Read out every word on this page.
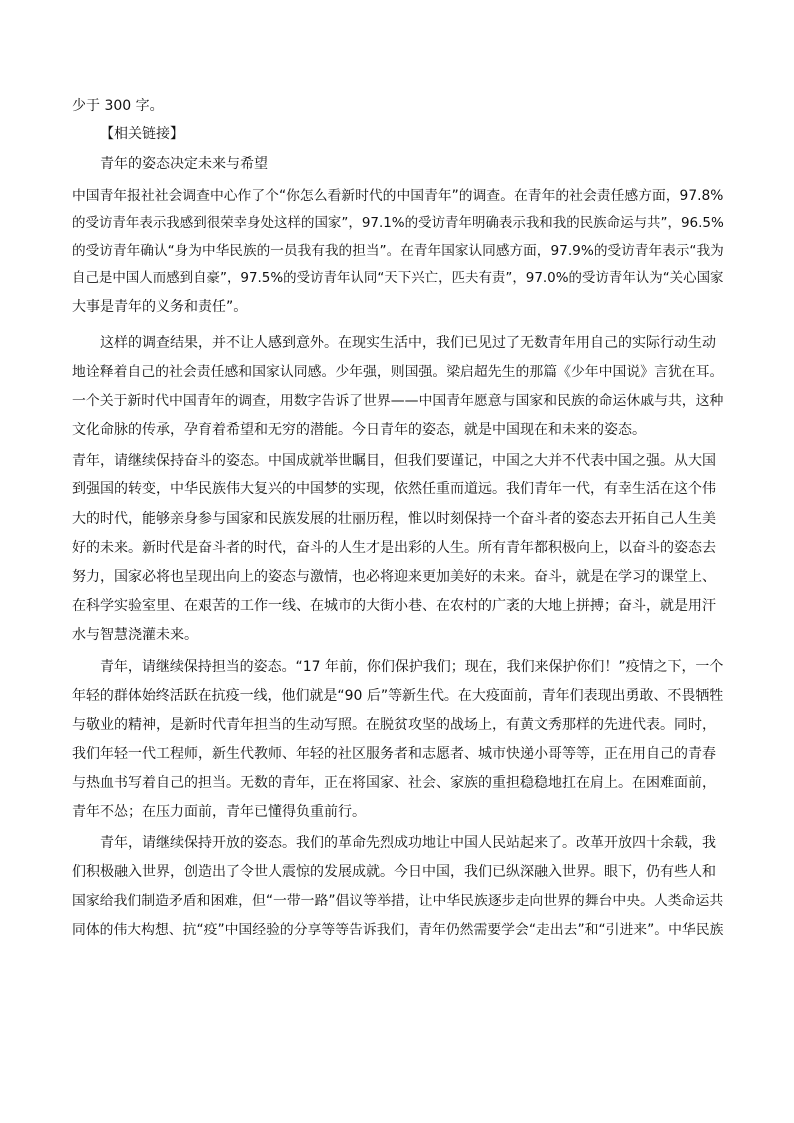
少于 300 字。
【相关链接】
青年的姿态决定未来与希望
中国青年报社社会调查中心作了个“你怎么看新时代的中国青年”的调查。在青年的社会责任感方面，97.8%
的受访青年表示我感到很荣幸身处这样的国家”，97.1%的受访青年明确表示我和我的民族命运与共”，96.5%
的受访青年确认“身为中华民族的一员我有我的担当”。在青年国家认同感方面，97.9%的受访青年表示“我为
自己是中国人而感到自豪”，97.5%的受访青年认同“天下兴亡，匹夫有责”，97.0%的受访青年认为“关心国家
大事是青年的义务和责任”。
这样的调查结果，并不让人感到意外。在现实生活中，我们已见过了无数青年用自己的实际行动生动
地诠释着自己的社会责任感和国家认同感。少年强，则国强。梁启超先生的那篇《少年中国说》言犹在耳。
一个关于新时代中国青年的调查，用数字告诉了世界——中国青年愿意与国家和民族的命运休戚与共，这种
文化命脉的传承，孕育着希望和无穷的潜能。今日青年的姿态，就是中国现在和未来的姿态。
青年，请继续保持奋斗的姿态。中国成就举世瞩目，但我们要谨记，中国之大并不代表中国之强。从大国
到强国的转变，中华民族伟大复兴的中国梦的实现，依然任重而道远。我们青年一代，有幸生活在这个伟
大的时代，能够亲身参与国家和民族发展的壮丽历程，惟以时刻保持一个奋斗者的姿态去开拓自己人生美
好的未来。新时代是奋斗者的时代，奋斗的人生才是出彩的人生。所有青年都积极向上，以奋斗的姿态去
努力，国家必将也呈现出向上的姿态与激情，也必将迎来更加美好的未来。奋斗，就是在学习的课堂上、
在科学实验室里、在艰苦的工作一线、在城市的大街小巷、在农村的广袤的大地上拼搏；奋斗，就是用汗
水与智慧浇灌未来。
青年，请继续保持担当的姿态。“17 年前，你们保护我们；现在，我们来保护你们！”疫情之下，一个
年轻的群体始终活跃在抗疫一线，他们就是“90 后”等新生代。在大疫面前，青年们表现出勇敢、不畏牺牲
与敬业的精神，是新时代青年担当的生动写照。在脱贫攻坚的战场上，有黄文秀那样的先进代表。同时，
我们年轻一代工程师，新生代教师、年轻的社区服务者和志愿者、城市快递小哥等等，正在用自己的青春
与热血书写着自己的担当。无数的青年，正在将国家、社会、家族的重担稳稳地扛在肩上。在困难面前，
青年不怂；在压力面前，青年已懂得负重前行。
青年，请继续保持开放的姿态。我们的革命先烈成功地让中国人民站起来了。改革开放四十余载，我
们积极融入世界，创造出了令世人震惊的发展成就。今日中国，我们已纵深融入世界。眼下，仍有些人和
国家给我们制造矛盾和困难，但“一带一路”倡议等举措，让中华民族逐步走向世界的舞台中央。人类命运共
同体的伟大构想、抗“疫”中国经验的分享等等告诉我们，青年仍然需要学会“走出去”和“引进来”。中华民族
